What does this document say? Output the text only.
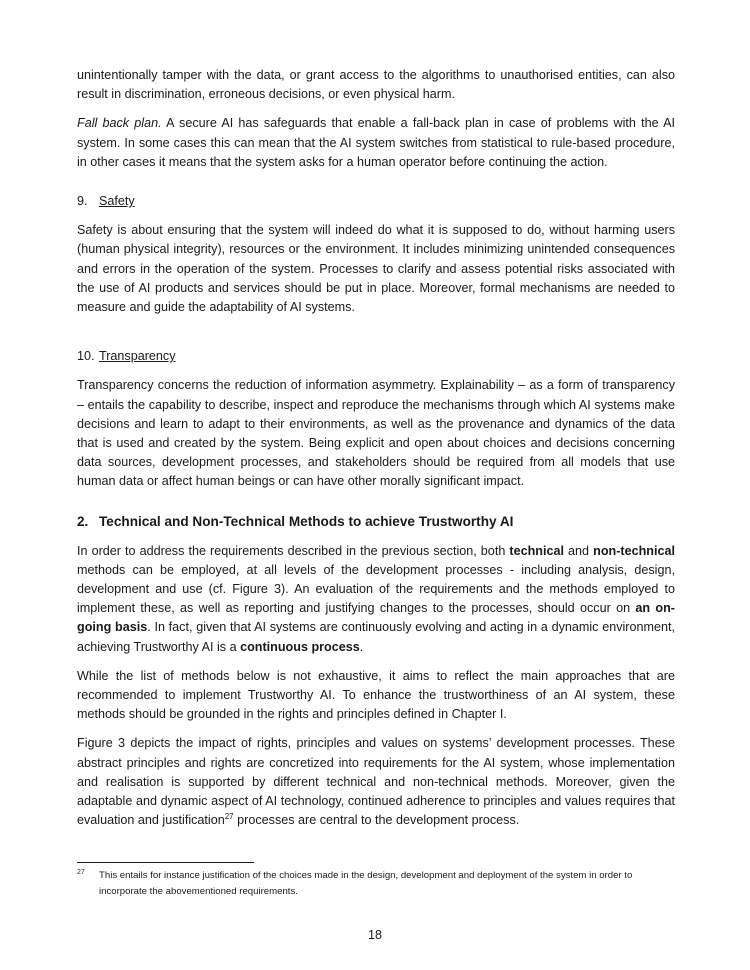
unintentionally tamper with the data, or grant access to the algorithms to unauthorised entities, can also result in discrimination, erroneous decisions, or even physical harm.

Fall back plan. A secure AI has safeguards that enable a fall-back plan in case of problems with the AI system. In some cases this can mean that the AI system switches from statistical to rule-based procedure, in other cases it means that the system asks for a human operator before continuing the action.

9. Safety

Safety is about ensuring that the system will indeed do what it is supposed to do, without harming users (human physical integrity), resources or the environment. It includes minimizing unintended consequences and errors in the operation of the system. Processes to clarify and assess potential risks associated with the use of AI products and services should be put in place. Moreover, formal mechanisms are needed to measure and guide the adaptability of AI systems.

10. Transparency

Transparency concerns the reduction of information asymmetry. Explainability – as a form of transparency – entails the capability to describe, inspect and reproduce the mechanisms through which AI systems make decisions and learn to adapt to their environments, as well as the provenance and dynamics of the data that is used and created by the system. Being explicit and open about choices and decisions concerning data sources, development processes, and stakeholders should be required from all models that use human data or affect human beings or can have other morally significant impact.

2. Technical and Non-Technical Methods to achieve Trustworthy AI

In order to address the requirements described in the previous section, both technical and non-technical methods can be employed, at all levels of the development processes - including analysis, design, development and use (cf. Figure 3). An evaluation of the requirements and the methods employed to implement these, as well as reporting and justifying changes to the processes, should occur on an on-going basis. In fact, given that AI systems are continuously evolving and acting in a dynamic environment, achieving Trustworthy AI is a continuous process.

While the list of methods below is not exhaustive, it aims to reflect the main approaches that are recommended to implement Trustworthy AI. To enhance the trustworthiness of an AI system, these methods should be grounded in the rights and principles defined in Chapter I.

Figure 3 depicts the impact of rights, principles and values on systems’ development processes. These abstract principles and rights are concretized into requirements for the AI system, whose implementation and realisation is supported by different technical and non-technical methods. Moreover, given the adaptable and dynamic aspect of AI technology, continued adherence to principles and values requires that evaluation and justification$^{27}$ processes are central to the development process.

27 This entails for instance justification of the choices made in the design, development and deployment of the system in order to incorporate the abovementioned requirements.
18
